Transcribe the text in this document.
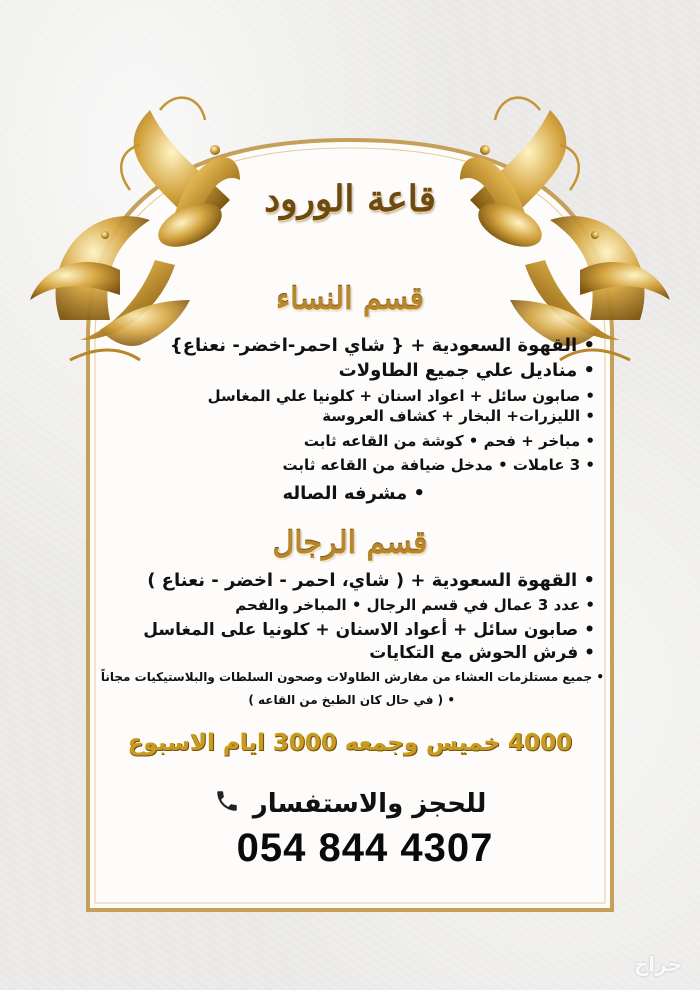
قاعة الورود
قسم النساء
• القهوة السعودية + { شاي احمر-اخضر- نعناع}
• مناديل علي جميع الطاولات
• صابون سائل + اعواد اسنان + كلونيا علي المغاسل
• الليزرات+ البخار + كشاف العروسة
• مباخر + فحم • كوشة من القاعه ثابت
• 3 عاملات • مدخل ضيافة من القاعه ثابت
• مشرفه الصاله
قسم الرجال
• القهوة السعودية + ( شاي، احمر - اخضر - نعناع )
• عدد 3 عمال في قسم الرجال • المباخر والفحم
• صابون سائل + أعواد الاسنان + كلونيا على المغاسل
• فرش الحوش مع التكايات
• جميع مستلزمات العشاء من مفارش الطاولات وصحون السلطات والبلاستيكيات مجاناً
• ( في حال كان الطبخ من القاعه )
4000 خميس وجمعه 3000 ايام الاسبوع
للحجز والاستفسار
054 844 4307
حراج
